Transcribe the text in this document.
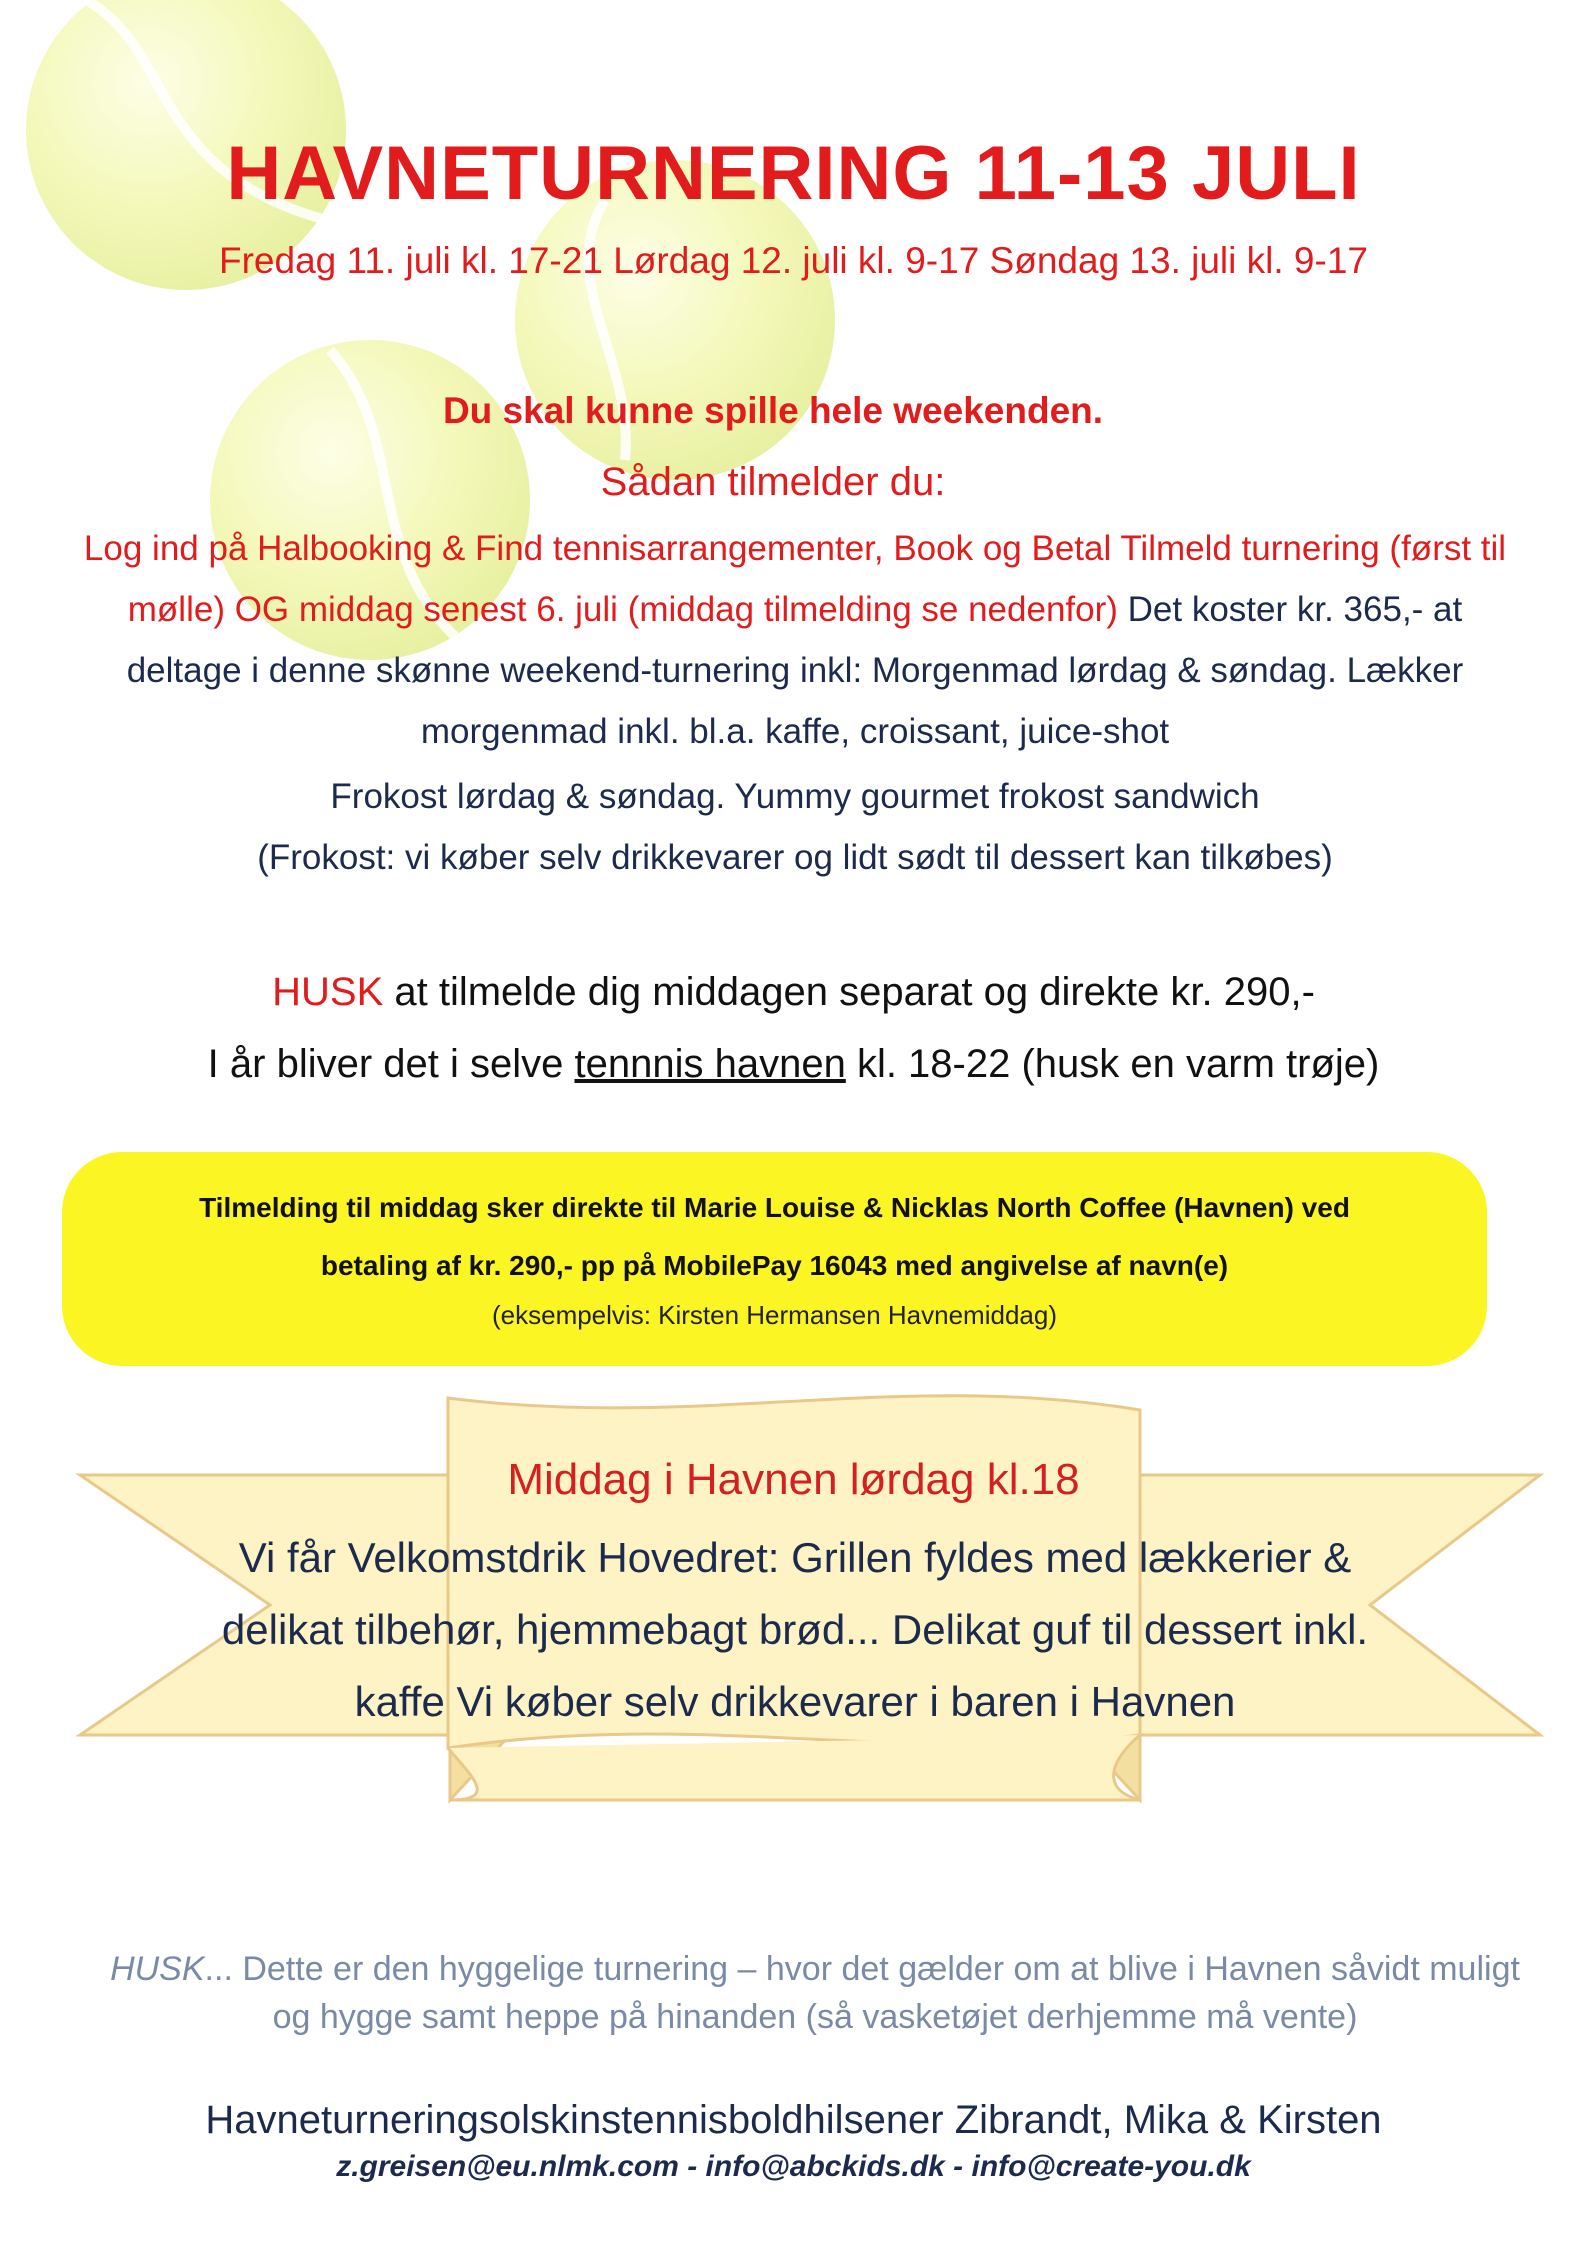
HAVNETURNERING 11-13 JULI
Fredag 11. juli kl. 17-21 Lørdag 12. juli kl. 9-17 Søndag 13. juli kl. 9-17
Du skal kunne spille hele weekenden.
Sådan tilmelder du:
Log ind på Halbooking & Find tennisarrangementer, Book og Betal Tilmeld turnering (først til mølle) OG middag senest 6. juli (middag tilmelding se nedenfor) Det koster kr. 365,- at deltage i denne skønne weekend-turnering inkl: Morgenmad lørdag & søndag. Lækker morgenmad inkl. bl.a. kaffe, croissant, juice-shot
Frokost lørdag & søndag. Yummy gourmet frokost sandwich
(Frokost: vi køber selv drikkevarer og lidt sødt til dessert kan tilkøbes)
HUSK at tilmelde dig middagen separat og direkte kr. 290,-
I år bliver det i selve tennnis havnen kl. 18-22 (husk en varm trøje)
Tilmelding til middag sker direkte til Marie Louise & Nicklas North Coffee (Havnen) ved
betaling af kr. 290,- pp på MobilePay 16043 med angivelse af navn(e)
(eksempelvis: Kirsten Hermansen Havnemiddag)
Middag i Havnen lørdag kl.18
Vi får Velkomstdrik Hovedret: Grillen fyldes med lækkerier & delikat tilbehør, hjemmebagt brød... Delikat guf til dessert inkl. kaffe Vi køber selv drikkevarer i baren i Havnen
HUSK... Dette er den hyggelige turnering – hvor det gælder om at blive i Havnen såvidt muligt og hygge samt heppe på hinanden (så vasketøjet derhjemme må vente)
Havneturneringsolskinstennisboldhilsener Zibrandt, Mika & Kirsten
z.greisen@eu.nlmk.com - info@abckids.dk - info@create-you.dk
